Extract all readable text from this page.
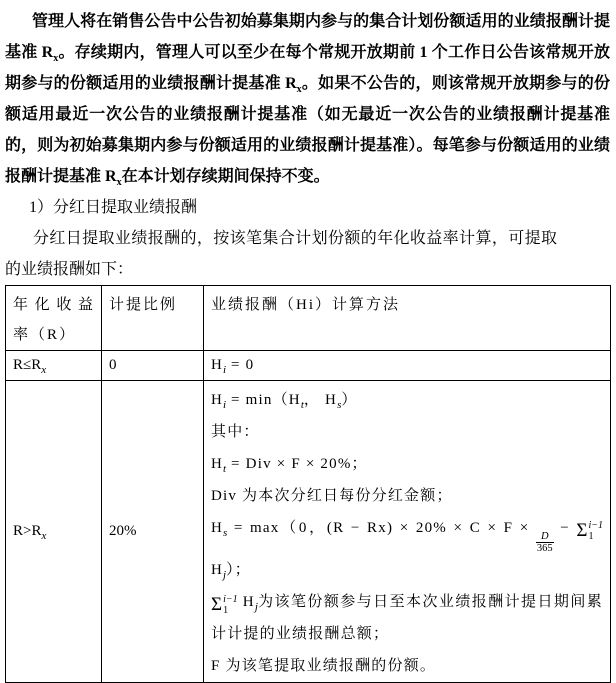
管理人将在销售公告中公告初始募集期内参与的集合计划份额适用的业绩报酬计提基准 $R_x$。存续期内，管理人可以至少在每个常规开放期前 1 个工作日公告该常规开放期参与的份额适用的业绩报酬计提基准 $R_x$。如果不公告的，则该常规开放期参与的份额适用最近一次公告的业绩报酬计提基准（如无最近一次公告的业绩报酬计提基准的，则为初始募集期内参与份额适用的业绩报酬计提基准）。每笔参与份额适用的业绩报酬计提基准 $R_x$在本计划存续期间保持不变。

1）分红日提取业绩报酬

分红日提取业绩报酬的，按该笔集合计划份额的年化收益率计算，可提取的业绩报酬如下：

年化收益率（R）	计提比例	业绩报酬（Hi）计算方法
$R\le R_x$	0	$H_i = 0$
$R>R_x$	20%	
$H_i = \min(H_t$， $H_s$）
其中：
$H_t$ = Div × F × 20%；
Div 为本次分红日每份分红金额；
$H_s = \max(0$，(R − Rx) × 20% × C × F ×
$\frac{D}{365}$
− Σ i−1
1
$H_j$）；
Σ i−1
1 $H_j$为该笔份额参与日至本次业绩报酬计提日期间累计计提的业绩报酬总额；
F 为该笔提取业绩报酬的份额。
